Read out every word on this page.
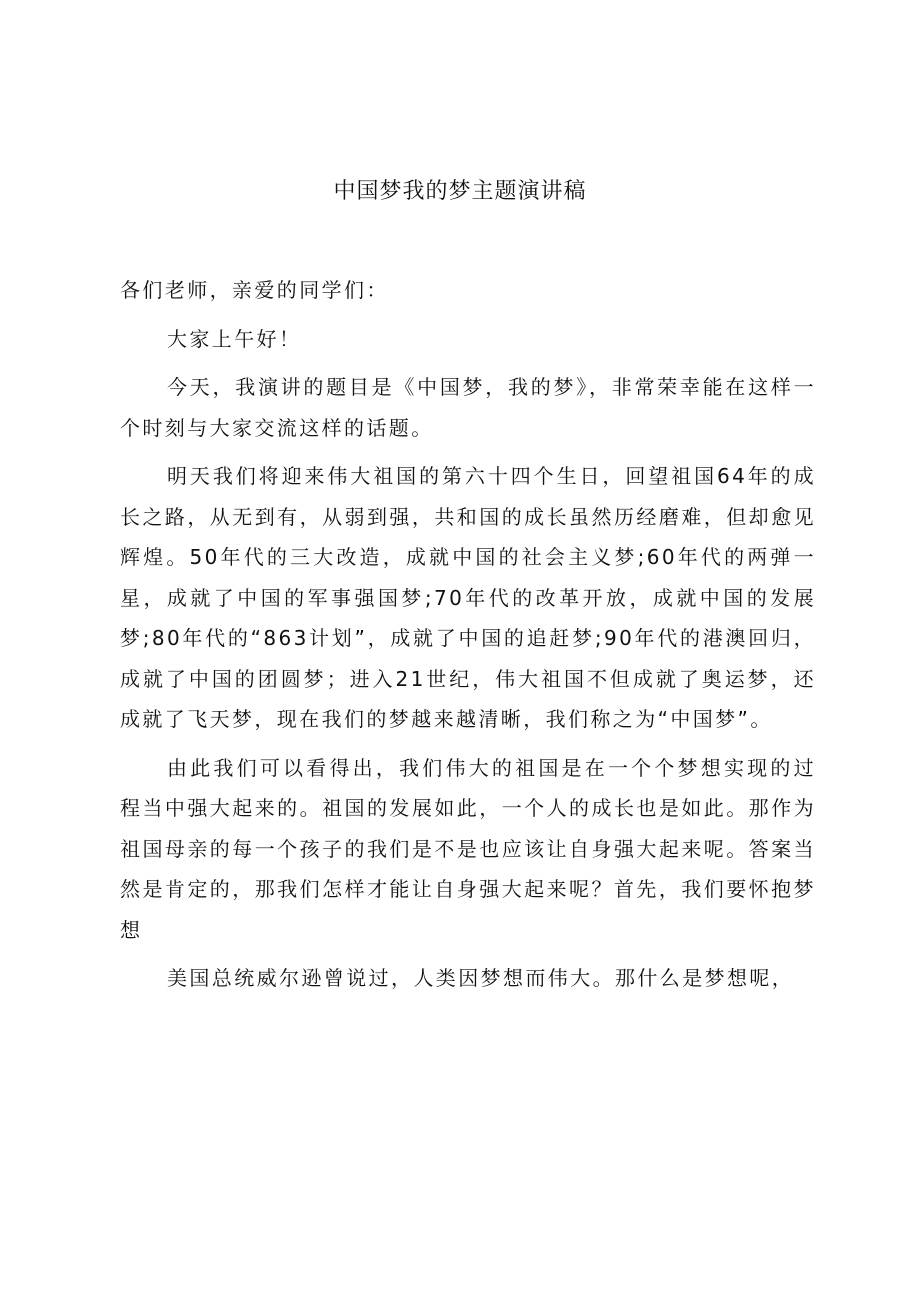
中国梦我的梦主题演讲稿

各们老师，亲爱的同学们：

大家上午好！

今天，我演讲的题目是《中国梦，我的梦》，非常荣幸能在这样一个时刻与大家交流这样的话题。

明天我们将迎来伟大祖国的第六十四个生日，回望祖国64年的成长之路，从无到有，从弱到强，共和国的成长虽然历经磨难，但却愈见辉煌。50年代的三大改造，成就中国的社会主义梦;60年代的两弹一星，成就了中国的军事强国梦;70年代的改革开放，成就中国的发展梦;80年代的“863计划”，成就了中国的追赶梦;90年代的港澳回归，成就了中国的团圆梦；进入21世纪，伟大祖国不但成就了奥运梦，还成就了飞天梦，现在我们的梦越来越清晰，我们称之为“中国梦”。

由此我们可以看得出，我们伟大的祖国是在一个个梦想实现的过程当中强大起来的。祖国的发展如此，一个人的成长也是如此。那作为祖国母亲的每一个孩子的我们是不是也应该让自身强大起来呢。答案当然是肯定的，那我们怎样才能让自身强大起来呢？首先，我们要怀抱梦想

美国总统威尔逊曾说过，人类因梦想而伟大。那什么是梦想呢，
